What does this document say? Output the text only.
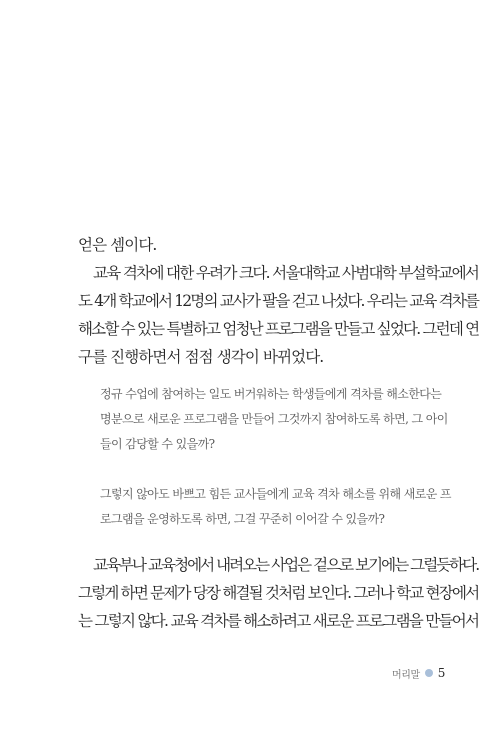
얻은 셈이다.

교육 격차에 대한 우려가 크다. 서울대학교 사범대학 부설학교에서

도 4개 학교에서 12명의 교사가 팔을 걷고 나섰다. 우리는 교육 격차를

해소할 수 있는 특별하고 엄청난 프로그램을 만들고 싶었다. 그런데 연

구를 진행하면서 점점 생각이 바뀌었다.

정규 수업에 참여하는 일도 버거워하는 학생들에게 격차를 해소한다는

명분으로 새로운 프로그램을 만들어 그것까지 참여하도록 하면, 그 아이

들이 감당할 수 있을까?

그렇지 않아도 바쁘고 힘든 교사들에게 교육 격차 해소를 위해 새로운 프

로그램을 운영하도록 하면, 그걸 꾸준히 이어갈 수 있을까?

교육부나 교육청에서 내려오는 사업은 겉으로 보기에는 그럴듯하다.

그렇게 하면 문제가 당장 해결될 것처럼 보인다. 그러나 학교 현장에서

는 그렇지 않다. 교육 격차를 해소하려고 새로운 프로그램을 만들어서

머리말 5
